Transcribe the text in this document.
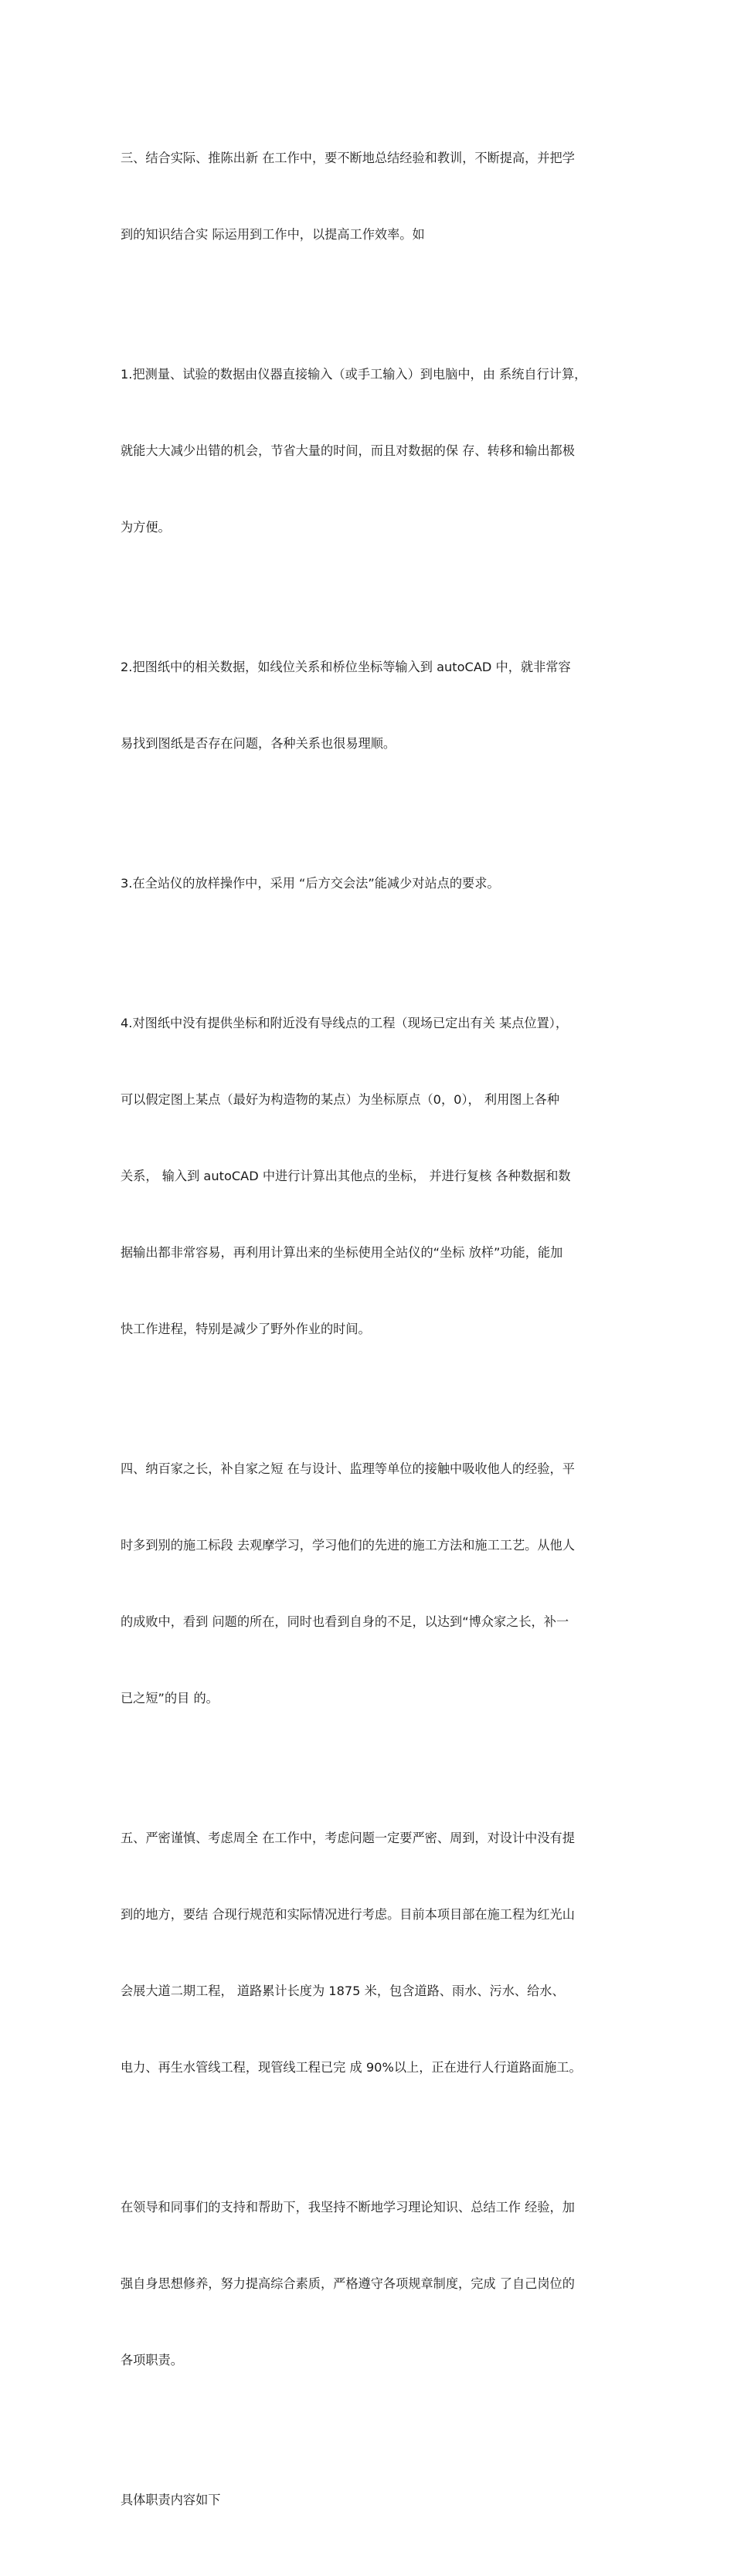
三、结合实际、推陈出新 在工作中，要不断地总结经验和教训，不断提高，并把学

到的知识结合实 际运用到工作中，以提高工作效率。如

1.把测量、试验的数据由仪器直接输入（或手工输入）到电脑中，由 系统自行计算，

就能大大减少出错的机会，节省大量的时间，而且对数据的保 存、转移和输出都极

为方便。

2.把图纸中的相关数据，如线位关系和桥位坐标等输入到 autoCAD 中，就非常容

易找到图纸是否存在问题，各种关系也很易理顺。

3.在全站仪的放样操作中，采用 “后方交会法”能减少对站点的要求。

4.对图纸中没有提供坐标和附近没有导线点的工程（现场已定出有关 某点位置），

可以假定图上某点（最好为构造物的某点）为坐标原点（0，0）， 利用图上各种

关系， 输入到 autoCAD 中进行计算出其他点的坐标， 并进行复核 各种数据和数

据输出都非常容易，再利用计算出来的坐标使用全站仪的“坐标 放样”功能，能加

快工作进程，特别是减少了野外作业的时间。

四、纳百家之长，补自家之短 在与设计、监理等单位的接触中吸收他人的经验，平

时多到别的施工标段 去观摩学习，学习他们的先进的施工方法和施工工艺。从他人

的成败中，看到 问题的所在，同时也看到自身的不足，以达到“博众家之长，补一

已之短”的目 的。

五、严密谨慎、考虑周全 在工作中，考虑问题一定要严密、周到，对设计中没有提

到的地方，要结 合现行规范和实际情况进行考虑。目前本项目部在施工程为红光山

会展大道二期工程， 道路累计长度为 1875 米，包含道路、雨水、污水、给水、

电力、再生水管线工程，现管线工程已完 成 90%以上，正在进行人行道路面施工。

在领导和同事们的支持和帮助下，我坚持不断地学习理论知识、总结工作 经验，加

强自身思想修养，努力提高综合素质，严格遵守各项规章制度，完成 了自己岗位的

各项职责。

具体职责内容如下
